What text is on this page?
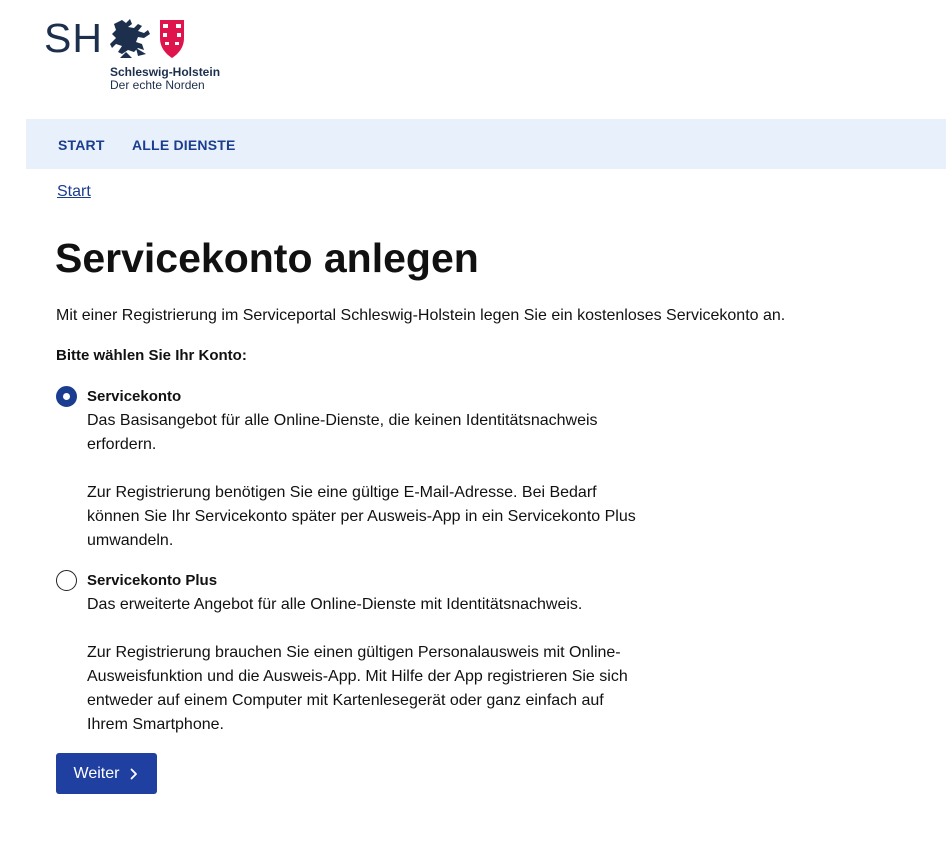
SH
Schleswig-Holstein
Der echte Norden
START ALLE DIENSTE
Start
Servicekonto anlegen

Mit einer Registrierung im Serviceportal Schleswig-Holstein legen Sie ein kostenloses Servicekonto an.

Bitte wählen Sie Ihr Konto:

Servicekonto
Das Basisangebot für alle Online-Dienste, die keinen Identitätsnachweis
erfordern.
Zur Registrierung benötigen Sie eine gültige E-Mail-Adresse. Bei Bedarf
können Sie Ihr Servicekonto später per Ausweis-App in ein Servicekonto Plus
umwandeln.
Servicekonto Plus
Das erweiterte Angebot für alle Online-Dienste mit Identitätsnachweis.
Zur Registrierung brauchen Sie einen gültigen Personalausweis mit Online-
Ausweisfunktion und die Ausweis-App. Mit Hilfe der App registrieren Sie sich
entweder auf einem Computer mit Kartenlesegerät oder ganz einfach auf
Ihrem Smartphone.
Weiter
